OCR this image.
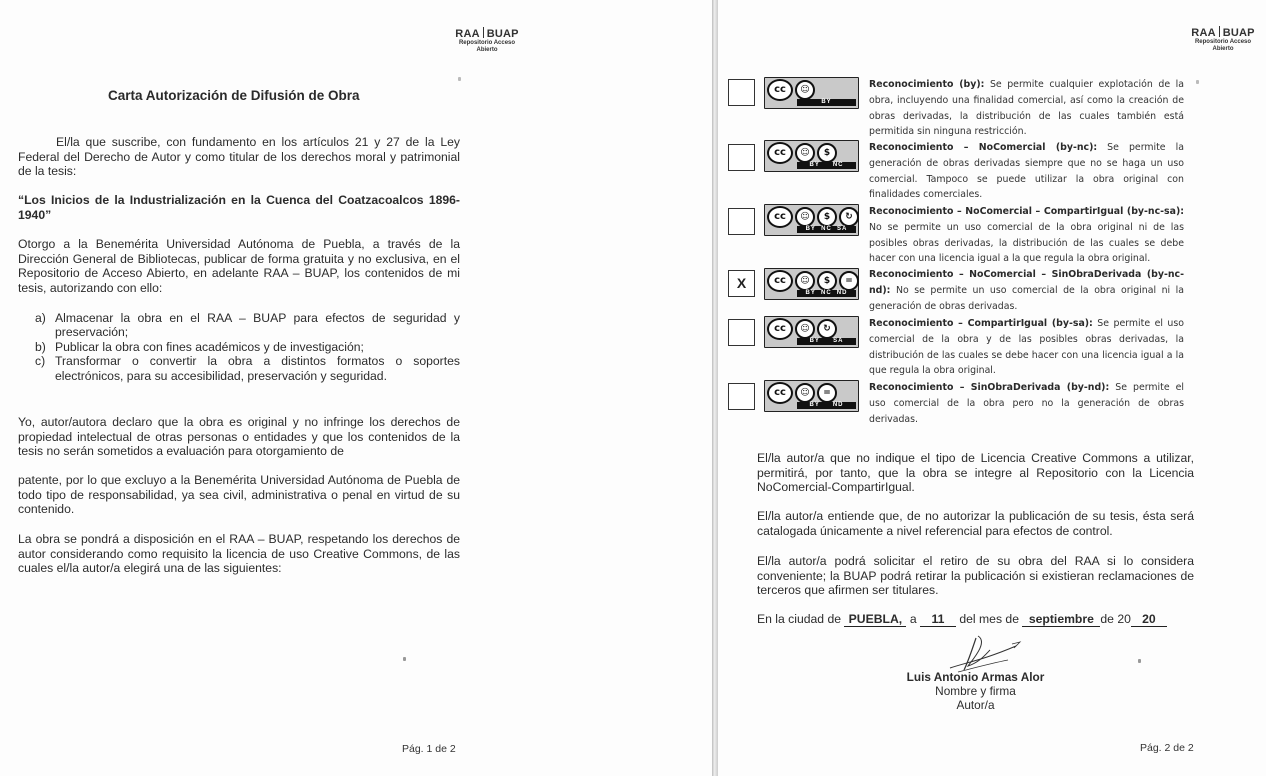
RAA BUAP
Repositorio Acceso
Abierto
Carta Autorización de Difusión de Obra

El/la que suscribe, con fundamento en los artículos 21 y 27 de la Ley Federal del Derecho de Autor y como titular de los derechos moral y patrimonial de la tesis:

“Los Inicios de la Industrialización en la Cuenca del Coatzacoalcos 1896-1940”

Otorgo a la Benemérita Universidad Autónoma de Puebla, a través de la Dirección General de Bibliotecas, publicar de forma gratuita y no exclusiva, en el Repositorio de Acceso Abierto, en adelante RAA – BUAP, los contenidos de mi tesis, autorizando con ello:

a) Almacenar la obra en el RAA – BUAP para efectos de seguridad y preservación;
b) Publicar la obra con fines académicos y de investigación;
c) Transformar o convertir la obra a distintos formatos o soportes electrónicos, para su accesibilidad, preservación y seguridad.

Yo, autor/autora declaro que la obra es original y no infringe los derechos de propiedad intelectual de otras personas o entidades y que los contenidos de la tesis no serán sometidos a evaluación para otorgamiento de

patente, por lo que excluyo a la Benemérita Universidad Autónoma de Puebla de todo tipo de responsabilidad, ya sea civil, administrativa o penal en virtud de su contenido.

La obra se pondrá a disposición en el RAA – BUAP, respetando los derechos de autor considerando como requisito la licencia de uso Creative Commons, de las cuales el/la autor/a elegirá una de las siguientes:

Pág. 1 de 2
RAA BUAP
Repositorio Acceso
Abierto
cc	☺
BY
Reconocimiento (by): Se permite cualquier explotación de la obra, incluyendo una finalidad comercial, así como la creación de obras derivadas, la distribución de las cuales también está permitida sin ninguna restricción.
cc	☺	$
BY NC
Reconocimiento – NoComercial (by-nc): Se permite la generación de obras derivadas siempre que no se haga un uso comercial. Tampoco se puede utilizar la obra original con finalidades comerciales.
cc	☺	$	↻
BY NC SA
Reconocimiento – NoComercial – CompartirIgual (by-nc-sa): No se permite un uso comercial de la obra original ni de las posibles obras derivadas, la distribución de las cuales se debe hacer con una licencia igual a la que regula la obra original.
X	cc	☺	$	=
BY NC ND
Reconocimiento – NoComercial – SinObraDerivada (by-nc-nd): No se permite un uso comercial de la obra original ni la generación de obras derivadas.
cc	☺	↻
BY SA
Reconocimiento – CompartirIgual (by-sa): Se permite el uso comercial de la obra y de las posibles obras derivadas, la distribución de las cuales se debe hacer con una licencia igual a la que regula la obra original.
cc	☺	=
BY ND
Reconocimiento – SinObraDerivada (by-nd): Se permite el uso comercial de la obra pero no la generación de obras derivadas.

El/la autor/a que no indique el tipo de Licencia Creative Commons a utilizar, permitirá, por tanto, que la obra se integre al Repositorio con la Licencia NoComercial-CompartirIgual.

El/la autor/a entiende que, de no autorizar la publicación de su tesis, ésta será catalogada únicamente a nivel referencial para efectos de control.

El/la autor/a podrá solicitar el retiro de su obra del RAA si lo considera conveniente; la BUAP podrá retirar la publicación si existieran reclamaciones de terceros que afirmen ser titulares.

En la ciudad de PUEBLA, a 11 del mes de septiembre de 20 20
Luis Antonio Armas Alor
Nombre y firma
Autor/a
Pág. 2 de 2
